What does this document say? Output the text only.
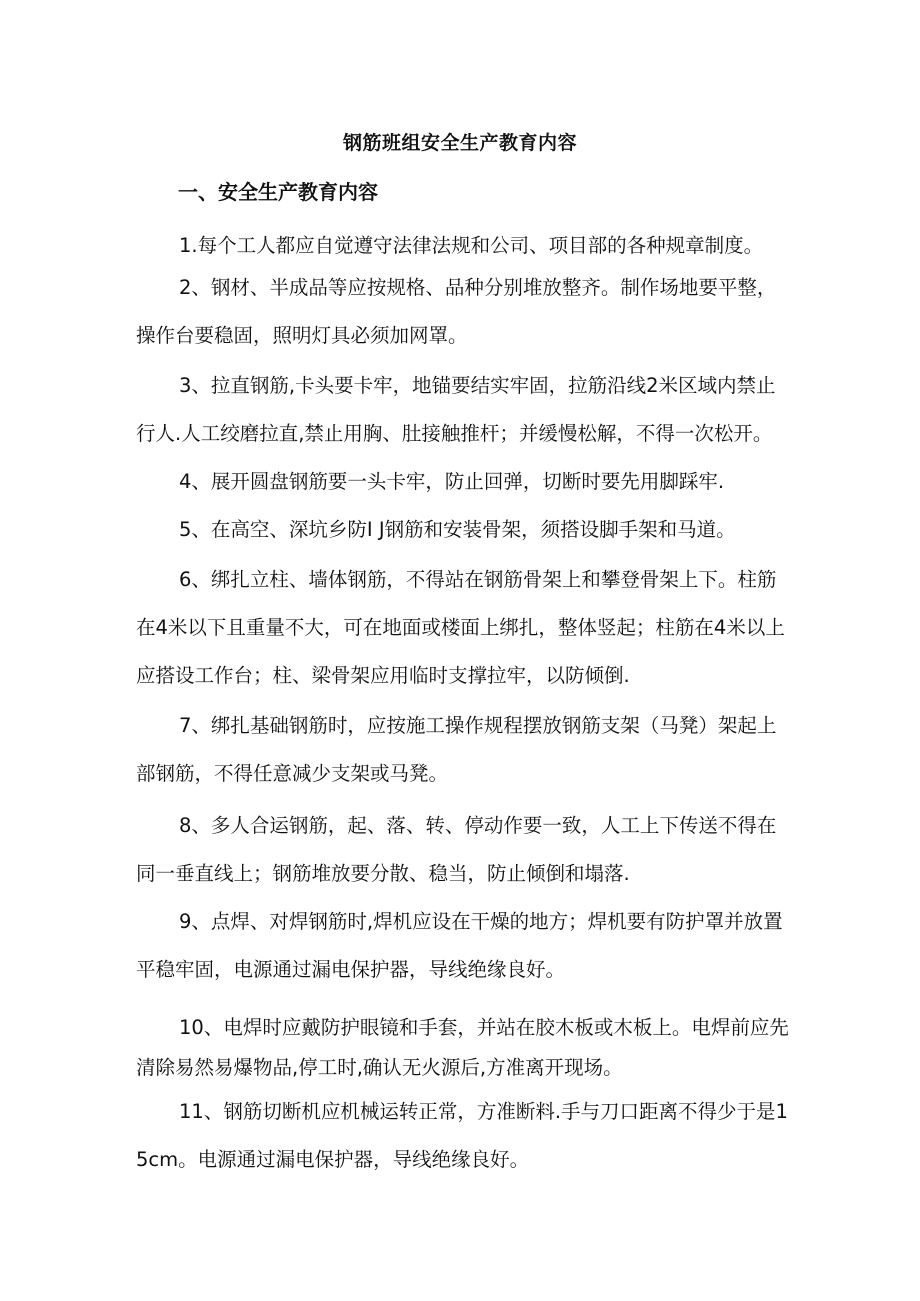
钢筋班组安全生产教育内容
一、安全生产教育内容

1.每个工人都应自觉遵守法律法规和公司、项目部的各种规章制度。

2、钢材、半成品等应按规格、品种分别堆放整齐。制作场地要平整，操作台要稳固，照明灯具必须加网罩。

3、拉直钢筋,卡头要卡牢，地锚要结实牢固，拉筋沿线2米区域内禁止行人.人工绞磨拉直,禁止用胸、肚接触推杆；并缓慢松解，不得一次松开。

4、展开圆盘钢筋要一头卡牢，防止回弹，切断时要先用脚踩牢.

5、在高空、深坑乡防I J钢筋和安装骨架，须搭设脚手架和马道。

6、绑扎立柱、墙体钢筋，不得站在钢筋骨架上和攀登骨架上下。柱筋在4米以下且重量不大，可在地面或楼面上绑扎，整体竖起；柱筋在4米以上应搭设工作台；柱、梁骨架应用临时支撑拉牢，以防倾倒.

7、绑扎基础钢筋时，应按施工操作规程摆放钢筋支架（马凳）架起上部钢筋，不得任意减少支架或马凳。

8、多人合运钢筋，起、落、转、停动作要一致，人工上下传送不得在同一垂直线上；钢筋堆放要分散、稳当，防止倾倒和塌落.

9、点焊、对焊钢筋时,焊机应设在干燥的地方；焊机要有防护罩并放置平稳牢固，电源通过漏电保护器，导线绝缘良好。

10、电焊时应戴防护眼镜和手套，并站在胶木板或木板上。电焊前应先清除易然易爆物品,停工时,确认无火源后,方准离开现场。

11、钢筋切断机应机械运转正常，方准断料.手与刀口距离不得少于是15cm。电源通过漏电保护器，导线绝缘良好。
